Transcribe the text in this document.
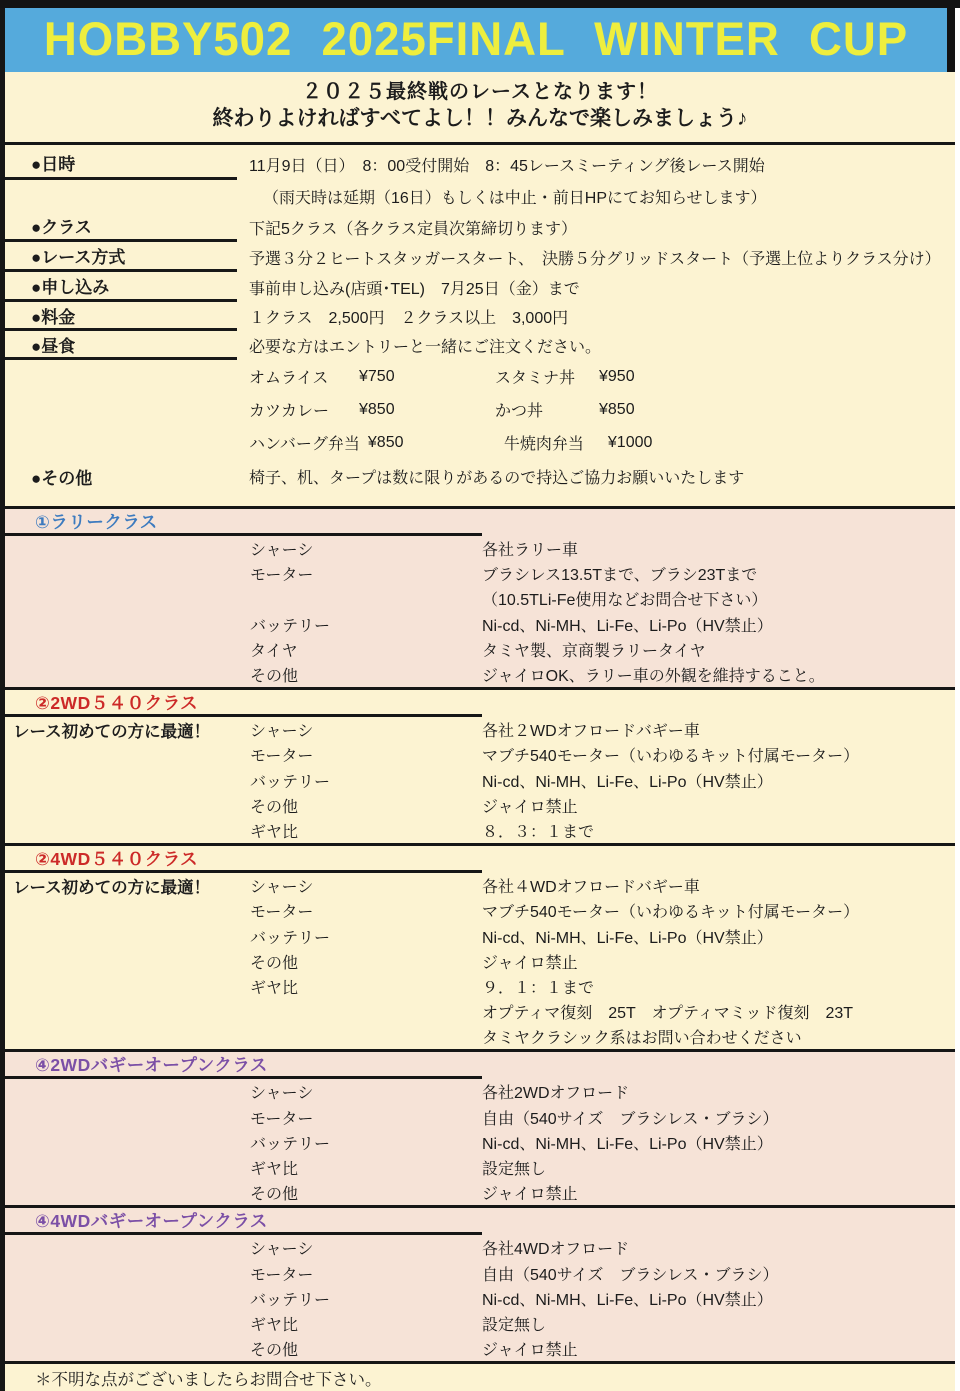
HOBBY502 2025FINAL WINTER CUP
２０２５最終戦のレースとなります！
終わりよければすべてよし！！みんなで楽しみましょう♪
●日時	11月9日（日）　8：00受付開始　8：45レースミーティング後レース開始
（雨天時は延期（16日）もしくは中止・前日HPにてお知らせします）
●クラス	下記5クラス（各クラス定員次第締切ります）
●レース方式	予選３分２ヒートスタッガースタート、　決勝５分グリッドスタート（予選上位よりクラス分け）
●申し込み	事前申し込み(店頭･TEL)　7月25日（金）まで
●料金	１クラス　2,500円　２クラス以上　3,000円
●昼食	必要な方はエントリーと一緒にご注文ください。
オムライス	¥750	スタミナ丼	¥950
カツカレー	¥850	かつ丼	¥850
ハンバーグ弁当 ¥850	牛焼肉弁当	¥1000
●その他	椅子、机、タープは数に限りがあるので持込ご協力お願いいたします
①ラリークラス
シャーシ	各社ラリー車
モーター	ブラシレス13.5Tまで、ブラシ23Tまで
（10.5TLi-Fe使用などお問合せ下さい）
バッテリー	Ni-cd、Ni-MH、Li-Fe、Li-Po（HV禁止）
タイヤ	タミヤ製、京商製ラリータイヤ
その他	ジャイロOK、ラリー車の外観を維持すること。
②2WD５４０クラス
レース初めての方に最適！	シャーシ	各社２WDオフロードバギー車
モーター	マブチ540モーター（いわゆるキット付属モーター）
バッテリー	Ni-cd、Ni-MH、Li-Fe、Li-Po（HV禁止）
その他	ジャイロ禁止
ギヤ比	８．３：１まで
②4WD５４０クラス
レース初めての方に最適！	シャーシ	各社４WDオフロードバギー車
モーター	マブチ540モーター（いわゆるキット付属モーター）
バッテリー	Ni-cd、Ni-MH、Li-Fe、Li-Po（HV禁止）
その他	ジャイロ禁止
ギヤ比	９．１：１まで
オプティマ復刻　25T　オプティマミッド復刻　23T
タミヤクラシック系はお問い合わせください
④2WDバギーオープンクラス
シャーシ	各社2WDオフロード
モーター	自由（540サイズ　ブラシレス・ブラシ）
バッテリー	Ni-cd、Ni-MH、Li-Fe、Li-Po（HV禁止）
ギヤ比	設定無し
その他	ジャイロ禁止
④4WDバギーオープンクラス
シャーシ	各社4WDオフロード
モーター	自由（540サイズ　ブラシレス・ブラシ）
バッテリー	Ni-cd、Ni-MH、Li-Fe、Li-Po（HV禁止）
ギヤ比	設定無し
その他	ジャイロ禁止
＊不明な点がございましたらお問合せ下さい。
